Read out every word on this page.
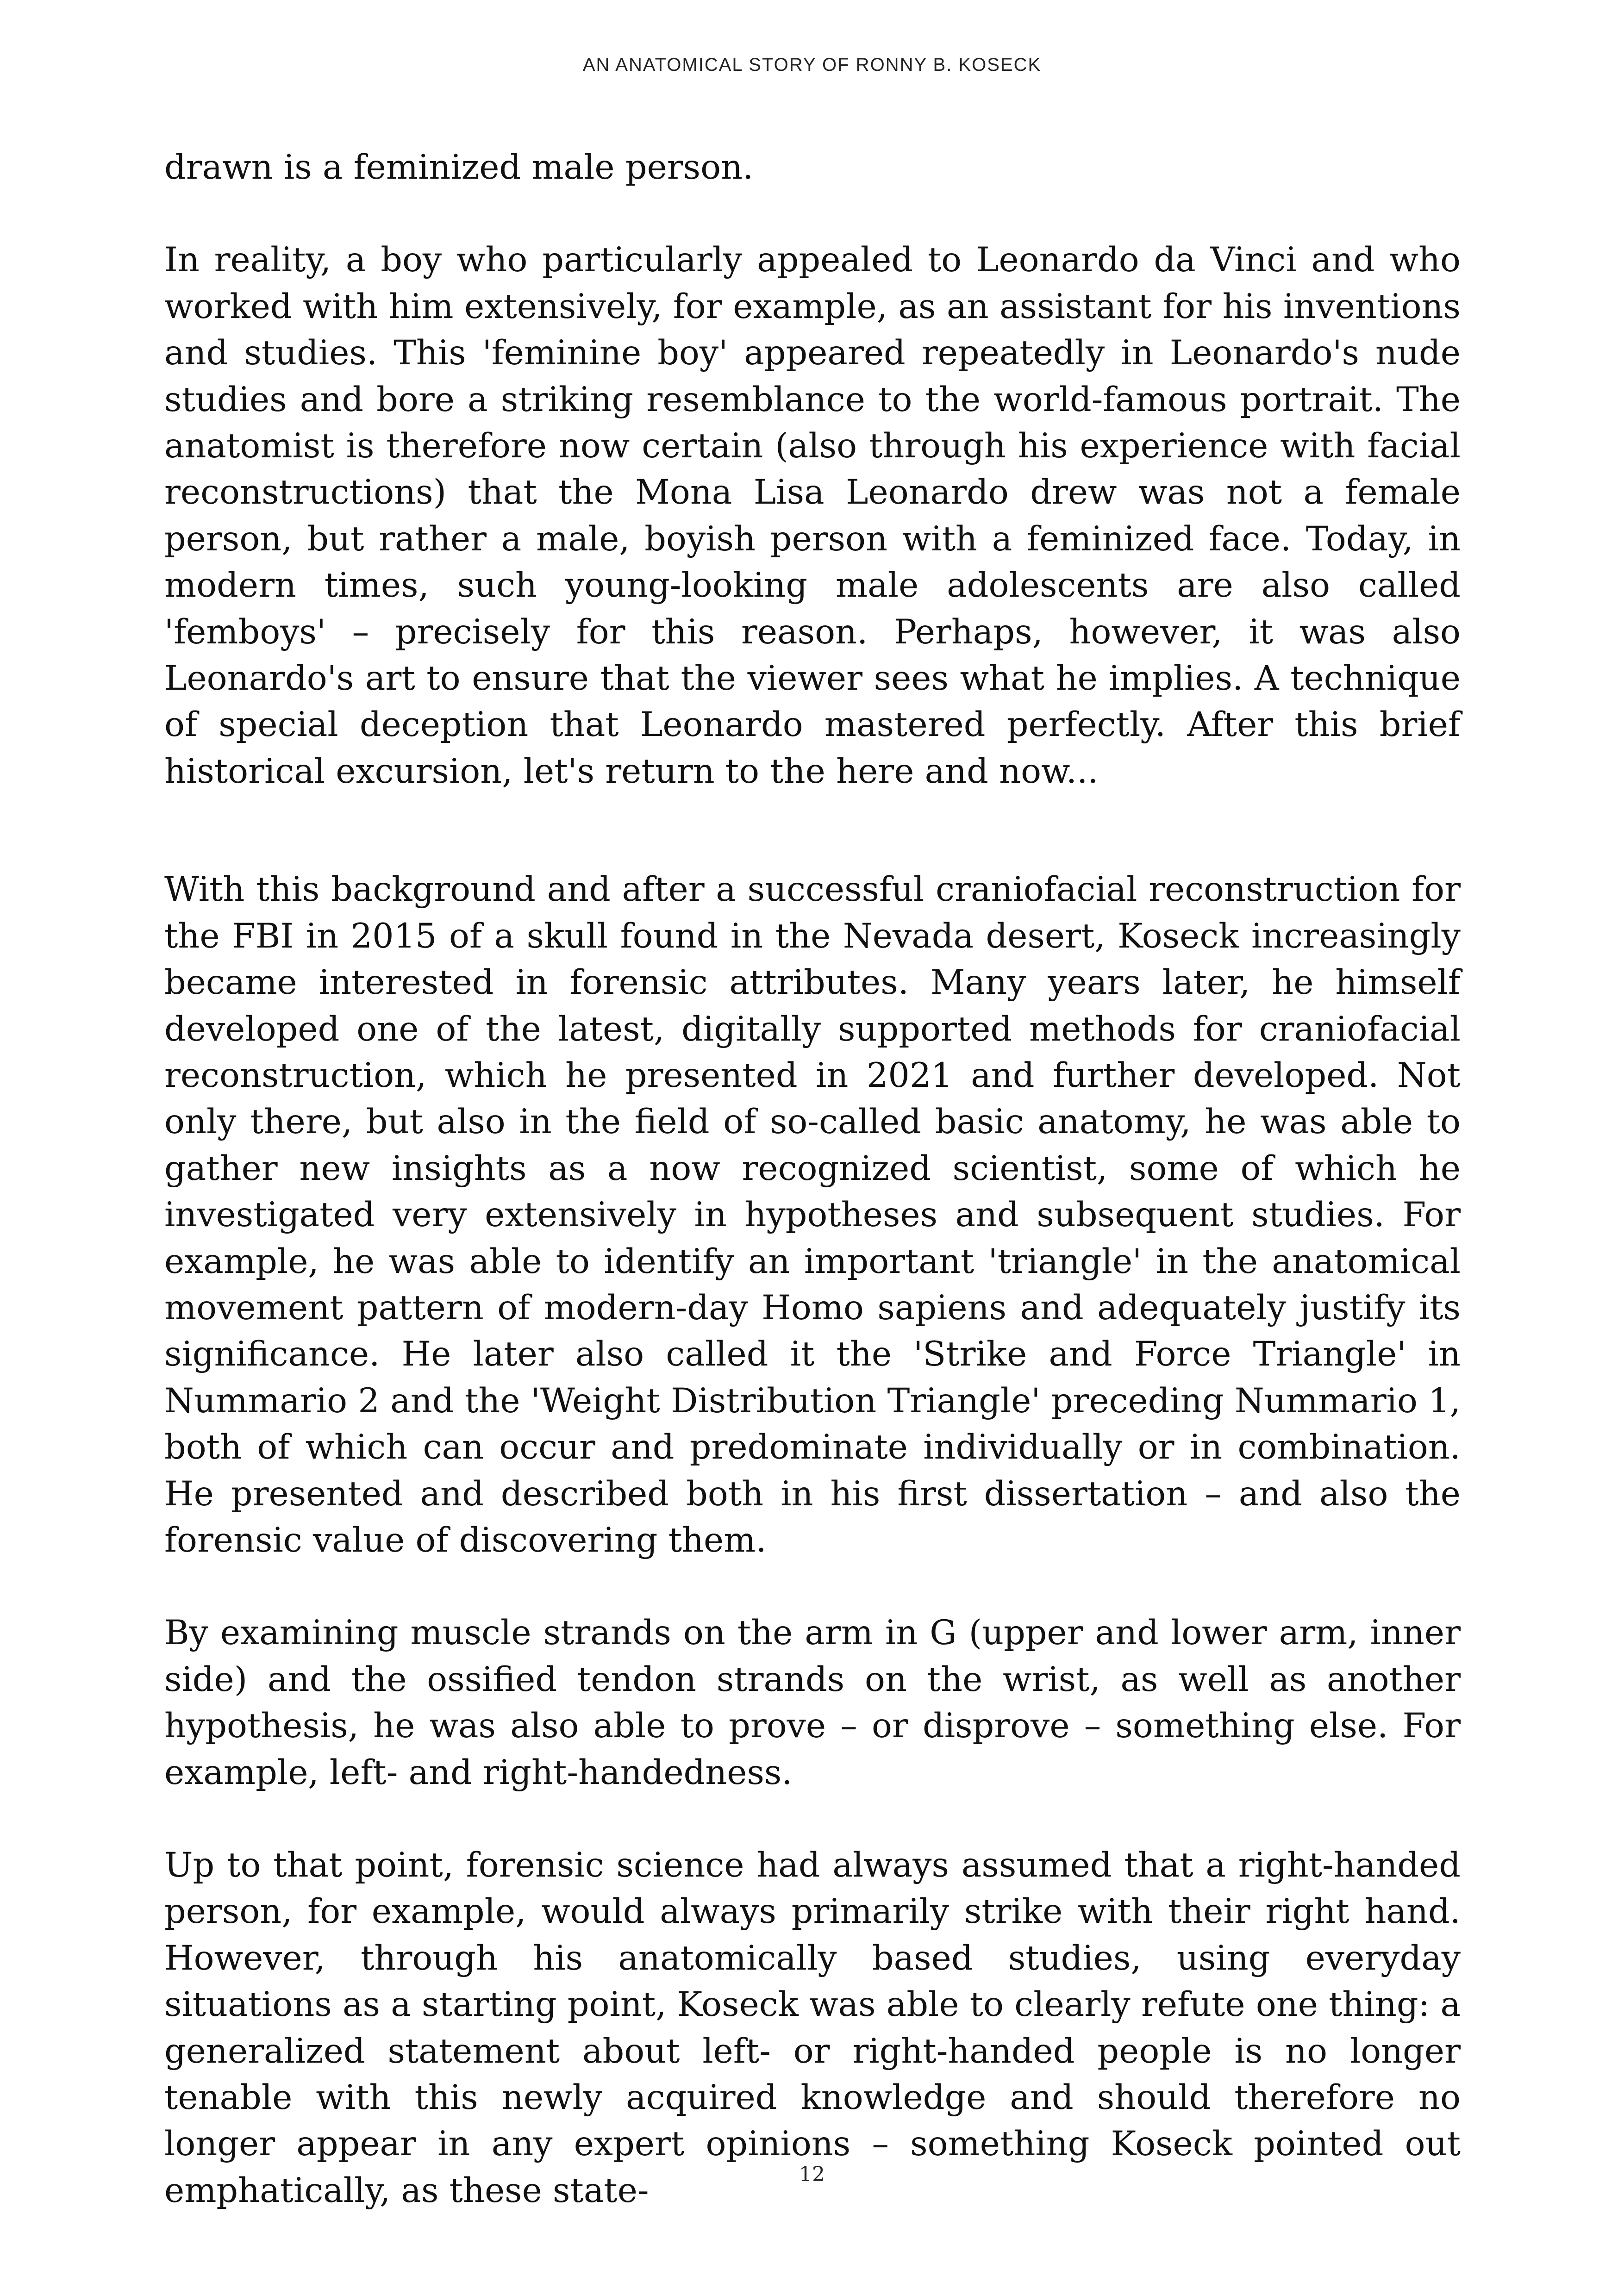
AN ANATOMICAL STORY OF RONNY B. KOSECK

drawn is a feminized male person.

In reality, a boy who particularly appealed to Leonardo da Vinci and who worked with him extensively, for example, as an assistant for his inventions and studies. This 'feminine boy' appeared repeatedly in Leonardo's nude studies and bore a striking resemblance to the world-famous portrait. The anatomist is therefore now certain (also through his experience with facial reconstructions) that the Mona Lisa Leonardo drew was not a female person, but rather a male, boyish person with a feminized face. Today, in modern times, such young-looking male adolescents are also called 'femboys' – precisely for this reason. Perhaps, however, it was also Leonardo's art to ensure that the viewer sees what he implies. A technique of special deception that Leonardo mastered perfectly. After this brief historical excursion, let's return to the here and now...

With this background and after a successful craniofacial reconstruction for the FBI in 2015 of a skull found in the Nevada desert, Koseck increasingly became interested in forensic attributes. Many years later, he himself developed one of the latest, digitally supported methods for craniofacial reconstruction, which he presented in 2021 and further developed. Not only there, but also in the field of so-called basic anatomy, he was able to gather new insights as a now recognized scientist, some of which he investigated very extensively in hypotheses and subsequent studies. For example, he was able to identify an important 'triangle' in the anatomical movement pattern of modern-day Homo sapiens and adequately justify its significance. He later also called it the 'Strike and Force Triangle' in Nummario 2 and the 'Weight Distribution Triangle' preceding Nummario 1, both of which can occur and predominate individually or in combination. He presented and described both in his first dissertation – and also the forensic value of discovering them.

By examining muscle strands on the arm in G (upper and lower arm, inner side) and the ossified tendon strands on the wrist, as well as another hypothesis, he was also able to prove – or disprove – something else. For example, left- and right-handedness.

Up to that point, forensic science had always assumed that a right-handed person, for example, would always primarily strike with their right hand. However, through his anatomically based studies, using everyday situations as a starting point, Koseck was able to clearly refute one thing: a generalized statement about left- or right-handed people is no longer tenable with this newly acquired knowledge and should therefore no longer appear in any expert opinions – something Koseck pointed out emphatically, as these state-	12
